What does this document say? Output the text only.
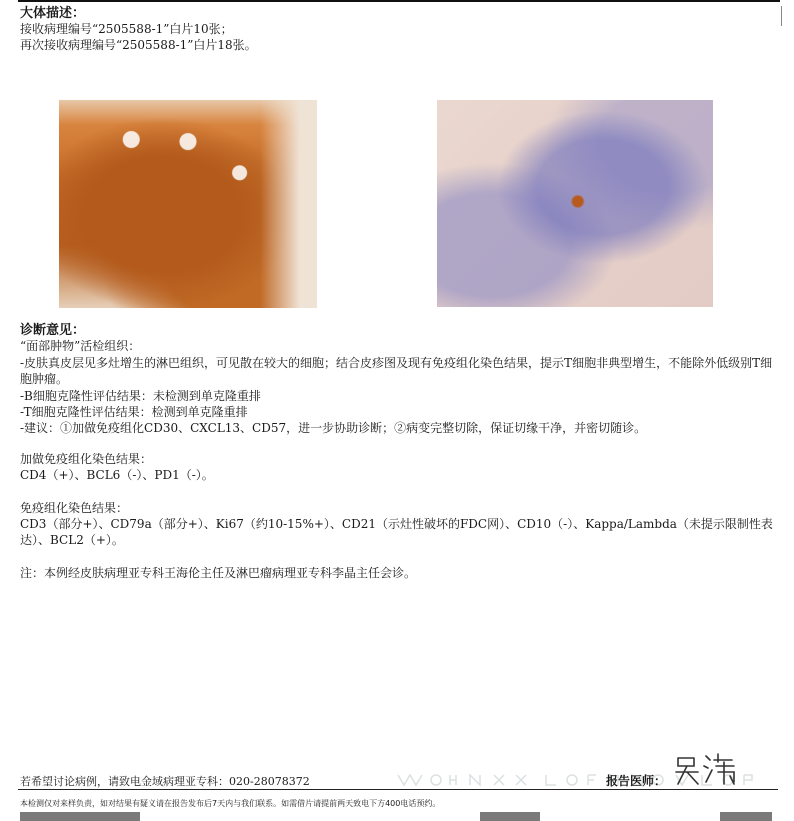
大体描述：
接收病理编号“2505588-1”白片10张；
再次接收病理编号“2505588-1”白片18张。
诊断意见：
“面部肿物”活检组织：
-皮肤真皮层见多灶增生的淋巴组织，可见散在较大的细胞；结合皮疹图及现有免疫组化染色结果，提示T细胞非典型增生，不能除外低级别T细胞肿瘤。
-B细胞克隆性评估结果：未检测到单克隆重排
-T细胞克隆性评估结果：检测到单克隆重排
-建议：①加做免疫组化CD30、CXCL13、CD57，进一步协助诊断；②病变完整切除，保证切缘干净，并密切随诊。
加做免疫组化染色结果：
CD4（+）、BCL6（-）、PD1（-）。
免疫组化染色结果：
CD3（部分+）、CD79a（部分+）、Ki67（约10-15%+）、CD21（示灶性破坏的FDC网）、CD10（-）、Kappa/Lambda（未提示限制性表达）、BCL2（+）。
注：本例经皮肤病理亚专科王海伦主任及淋巴瘤病理亚专科李晶主任会诊。
若希望讨论病例，请致电金域病理亚专科：020-28078372	报告医师：
本检测仅对来样负责，如对结果有疑义请在报告发布后7天内与我们联系。如需借片请提前两天致电下方400电话预约。
